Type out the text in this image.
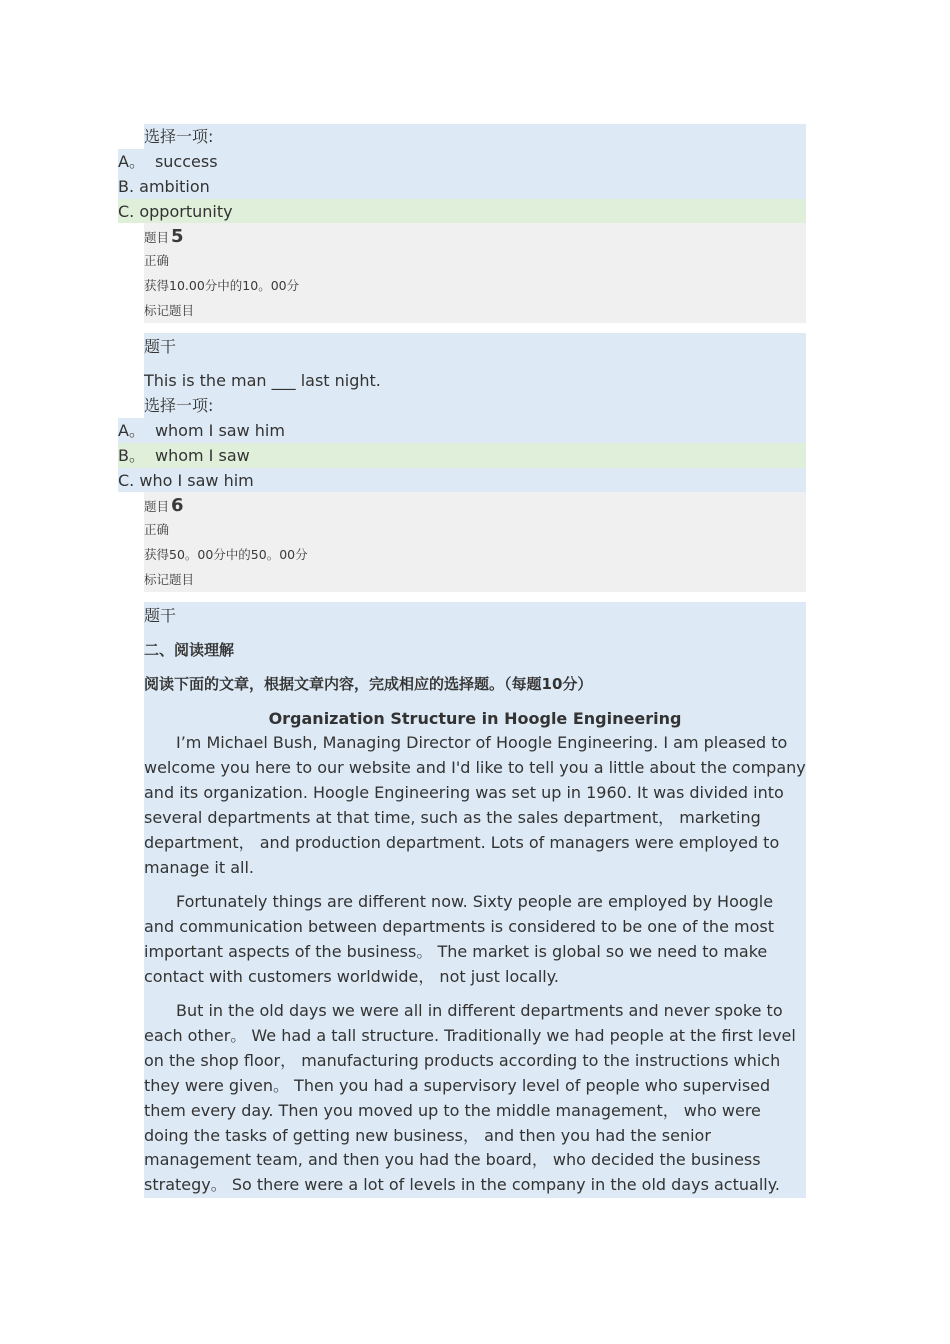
选择一项:
A。 success
B. ambition
C. opportunity
题目 5
正确
获得10.00分中的10。00分
标记题目
题干
This is the man ___ last night.
选择一项:
A。 whom I saw him
B。 whom I saw
C. who I saw him
题目 6
正确
获得50。00分中的50。00分
标记题目
题干
二、阅读理解
阅读下面的文章，根据文章内容，完成相应的选择题。（每题10分）
Organization Structure in Hoogle Engineering
I’m Michael Bush, Managing Director of Hoogle Engineering. I am pleased to welcome you here to our website and I'd like to tell you a little about the company and its organization. Hoogle Engineering was set up in 1960. It was divided into several departments at that time, such as the sales department， marketing department， and production department. Lots of managers were employed to manage it all.
Fortunately things are different now. Sixty people are employed by Hoogle and communication between departments is considered to be one of the most important aspects of the business。 The market is global so we need to make contact with customers worldwide， not just locally.
But in the old days we were all in different departments and never spoke to each other。 We had a tall structure. Traditionally we had people at the first level on the shop floor， manufacturing products according to the instructions which they were given。 Then you had a supervisory level of people who supervised them every day. Then you moved up to the middle management， who were doing the tasks of getting new business， and then you had the senior management team, and then you had the board， who decided the business strategy。 So there were a lot of levels in the company in the old days actually.
